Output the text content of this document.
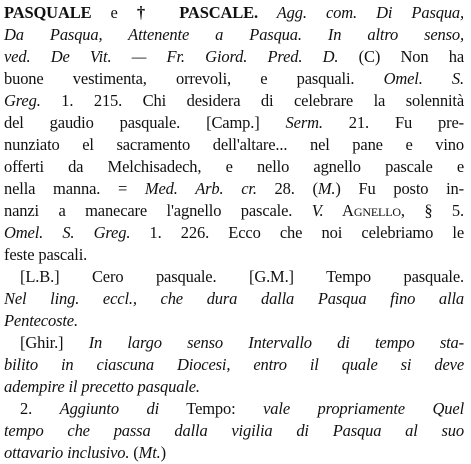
PASQUALE e † PASCALE. Agg. com. Di Pasqua,

Da Pasqua, Attenente a Pasqua. In altro senso,

ved. De Vit. — Fr. Giord. Pred. D. (C) Non ha

buone vestimenta, orrevoli, e pasquali. Omel. S.

Greg. 1. 215. Chi desidera di celebrare la solennità

del gaudio pasquale. [Camp.] Serm. 21. Fu pre-

nunziato el sacramento dell'altare... nel pane e vino

offerti da Melchisadech, e nello agnello pascale e

nella manna. = Med. Arb. cr. 28. (M.) Fu posto in-

nanzi a manecare l'agnello pascale. V. Agnello, § 5.

Omel. S. Greg. 1. 226. Ecco che noi celebriamo le

feste pascali.

[L.B.] Cero pasquale. [G.M.] Tempo pasquale.

Nel ling. eccl., che dura dalla Pasqua fino alla

Pentecoste.

[Ghir.] In largo senso Intervallo di tempo sta-

bilito in ciascuna Diocesi, entro il quale si deve

adempire il precetto pasquale.

2. Aggiunto di Tempo: vale propriamente Quel

tempo che passa dalla vigilia di Pasqua al suo

ottavario inclusivo. (Mt.)
